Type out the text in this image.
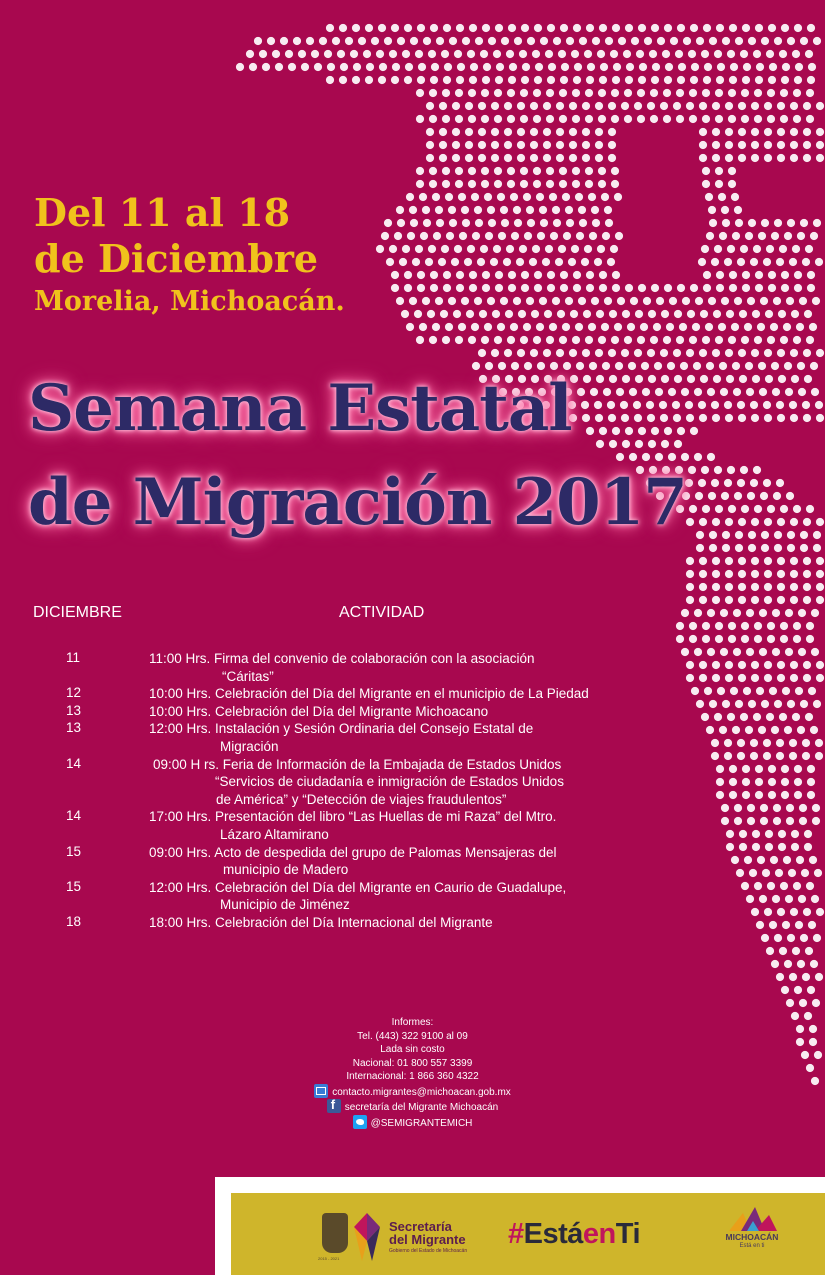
Del 11 al 18
de Diciembre
Morelia, Michoacán.
Semana Estatal
de Migración 2017
DICIEMBRE	ACTIVIDAD
11	11:00 Hrs. Firma del convenio de colaboración con la asociación
“Cáritas”
12	10:00 Hrs. Celebración del Día del Migrante en el municipio de La Piedad
13	10:00 Hrs. Celebración del Día del Migrante Michoacano
13	12:00 Hrs. Instalación y Sesión Ordinaria del Consejo Estatal de
Migración
14	09:00 H rs. Feria de Información de la Embajada de Estados Unidos
“Servicios de ciudadanía e inmigración de Estados Unidos
de América” y “Detección de viajes fraudulentos”
14	17:00 Hrs. Presentación del libro “Las Huellas de mi Raza” del Mtro.
Lázaro Altamirano
15	09:00 Hrs. Acto de despedida del grupo de Palomas Mensajeras del
municipio de Madero
15	12:00 Hrs. Celebración del Día del Migrante en Caurio de Guadalupe,
Municipio de Jiménez
18	18:00 Hrs. Celebración del Día Internacional del Migrante
Informes:
Tel. (443) 322 9100 al 09
Lada sin costo
Nacional: 01 800 557 3399
Internacional: 1 866 360 4322
contacto.migrantes@michoacan.gob.mx
fsecretaría del Migrante Michoacán
@SEMIGRANTEMICH
2015 - 2021
Secretaría
del Migrante
Gobierno del Estado de Michoacán
#EstáenTi	MICHOACÁN
Está en ti
